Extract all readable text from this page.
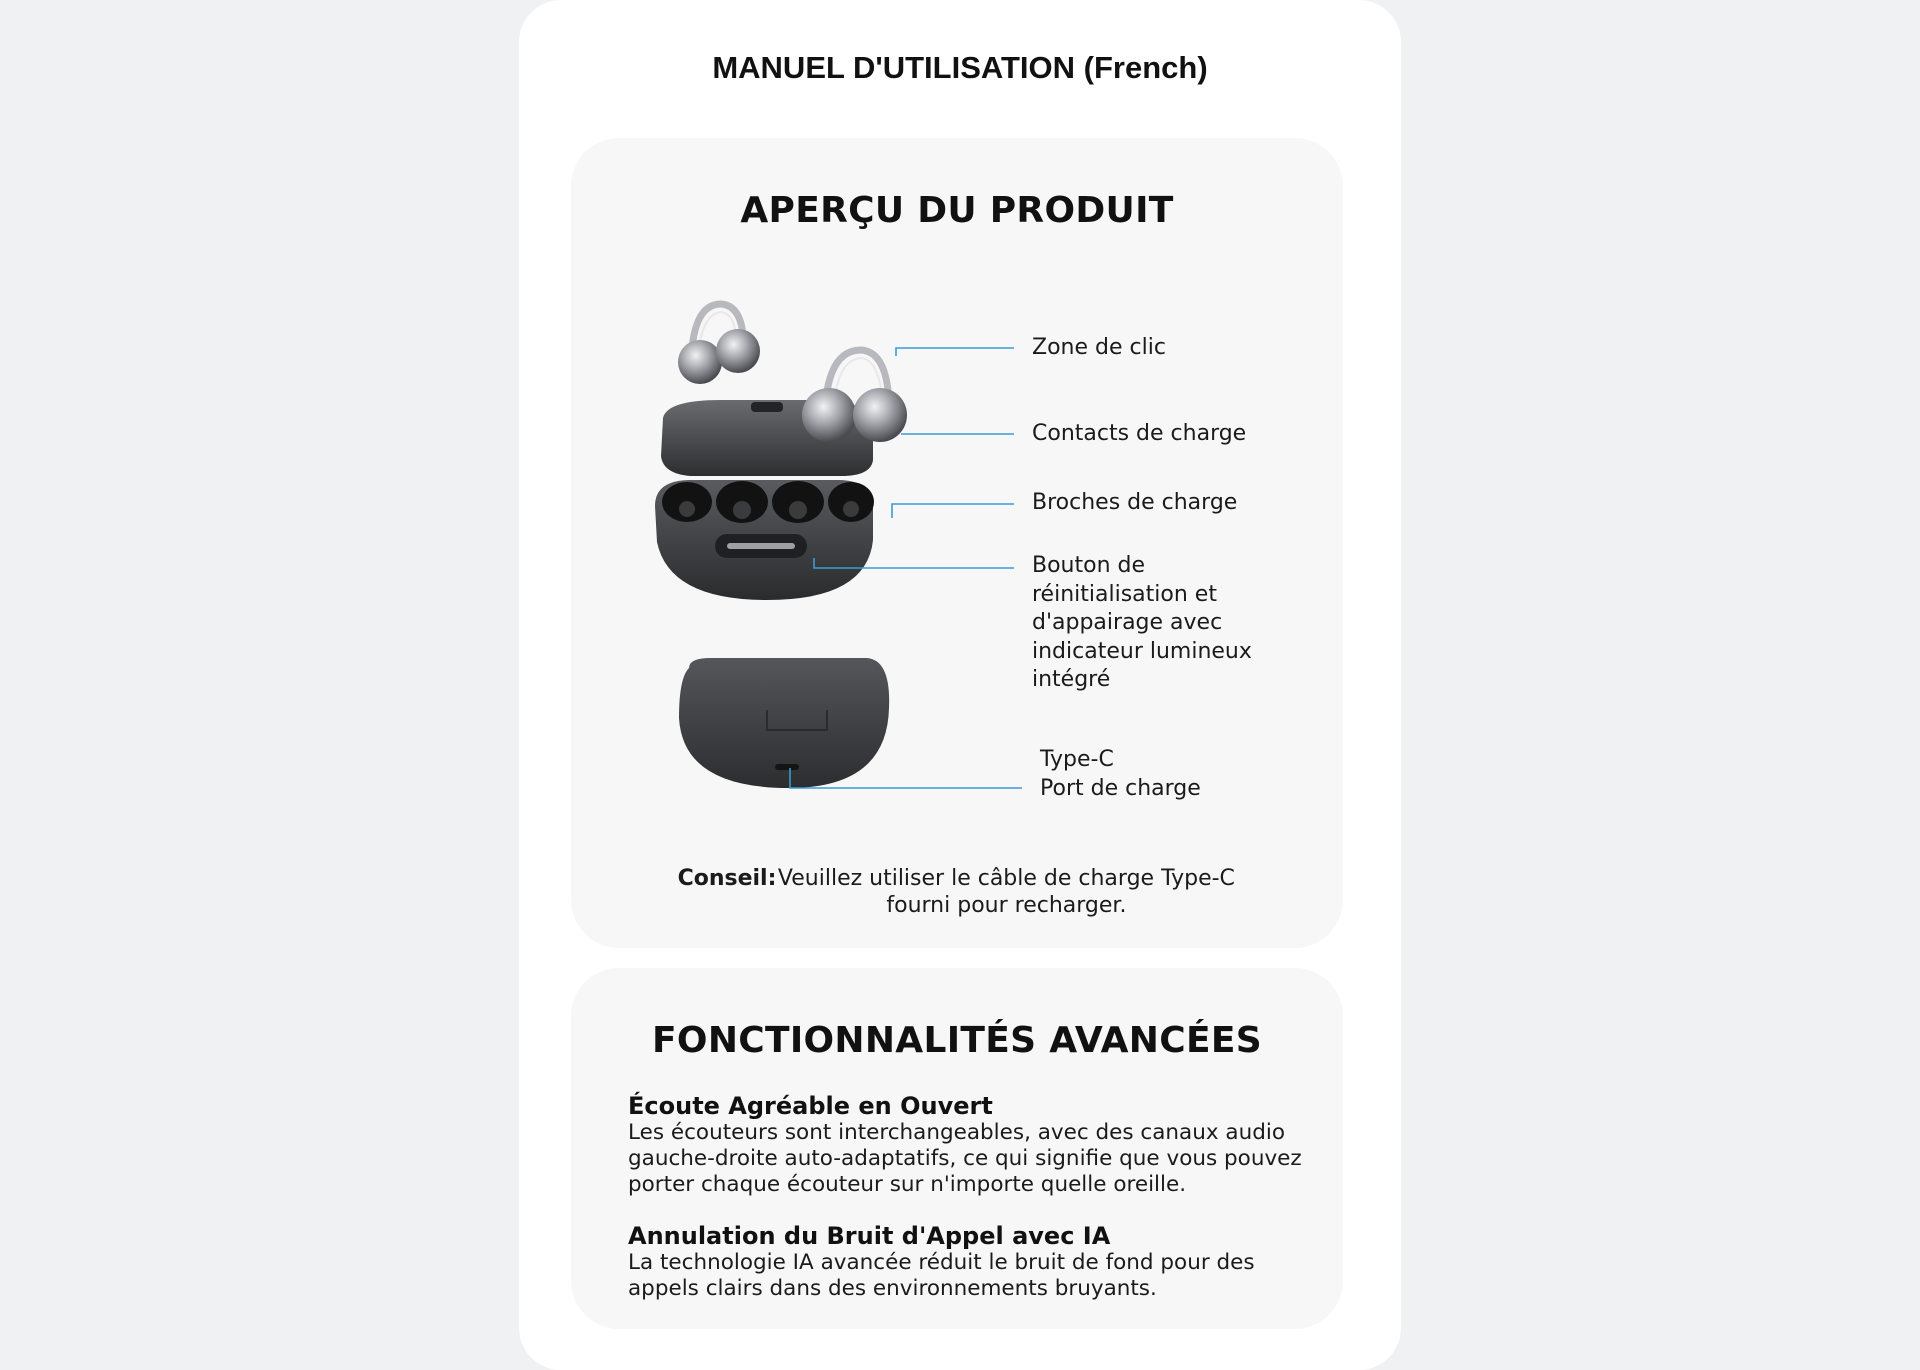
MANUEL D'UTILISATION (French)
APERÇU DU PRODUIT
Zone de clic
Contacts de charge
Broches de charge
Bouton de réinitialisation et d'appairage avec indicateur lumineux intégré
Type-C
Port de charge
Conseil:Veuillez utiliser le câble de charge Type-C fourni pour recharger.
FONCTIONNALITÉS AVANCÉES
Écoute Agréable en Ouvert
Les écouteurs sont interchangeables, avec des canaux audio gauche-droite auto-adaptatifs, ce qui signifie que vous pouvez porter chaque écouteur sur n'importe quelle oreille.
Annulation du Bruit d'Appel avec IA
La technologie IA avancée réduit le bruit de fond pour des appels clairs dans des environnements bruyants.
